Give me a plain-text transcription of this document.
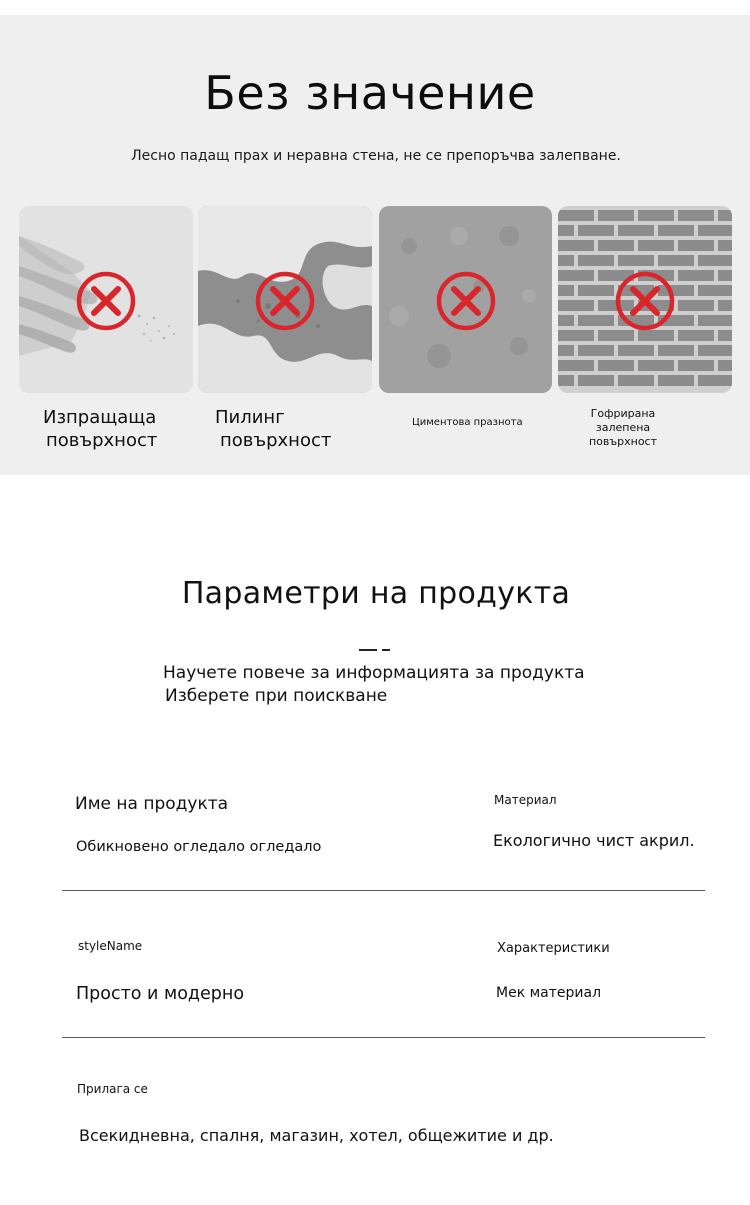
Без значение

Лесно падащ прах и неравна стена, не се препоръчва залепване.

Изпращаща
повърхност
Пилинг
повърхност
Циментова празнота
Гофрирана
залепена
повърхност
Параметри на продукта
Научете повече за информацията за продукта
Изберете при поискване
Име на продукта
Обикновено огледало огледало
Материал
Екологично чист акрил.
styleName
Просто и модерно
Характеристики
Мек материал
Прилага се
Всекидневна, спалня, магазин, хотел, общежитие и др.
